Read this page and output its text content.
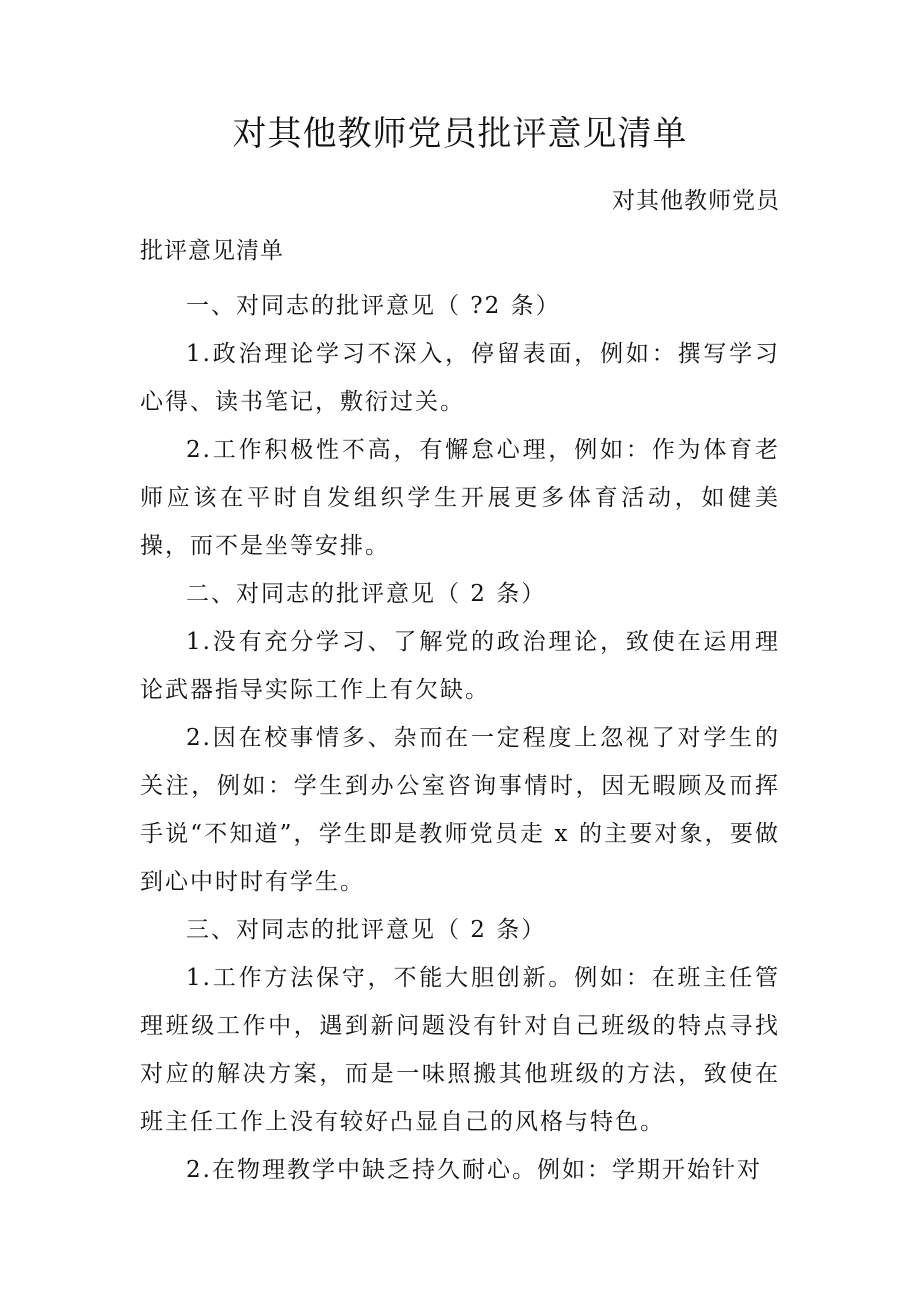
对其他教师党员批评意见清单
对其他教师党员
批评意见清单

一、对同志的批评意见（ ?2 条）

1.政治理论学习不深入，停留表面，例如：撰写学习心得、读书笔记，敷衍过关。

2.工作积极性不高，有懈怠心理，例如：作为体育老师应该在平时自发组织学生开展更多体育活动，如健美操，而不是坐等安排。

二、对同志的批评意见（ 2 条）

1.没有充分学习、了解党的政治理论，致使在运用理论武器指导实际工作上有欠缺。

2.因在校事情多、杂而在一定程度上忽视了对学生的关注，例如：学生到办公室咨询事情时，因无暇顾及而挥手说“不知道”，学生即是教师党员走 x 的主要对象，要做到心中时时有学生。

三、对同志的批评意见（ 2 条）

1.工作方法保守，不能大胆创新。例如：在班主任管理班级工作中，遇到新问题没有针对自己班级的特点寻找对应的解决方案，而是一味照搬其他班级的方法，致使在班主任工作上没有较好凸显自己的风格与特色。

2.在物理教学中缺乏持久耐心。例如：学期开始针对
